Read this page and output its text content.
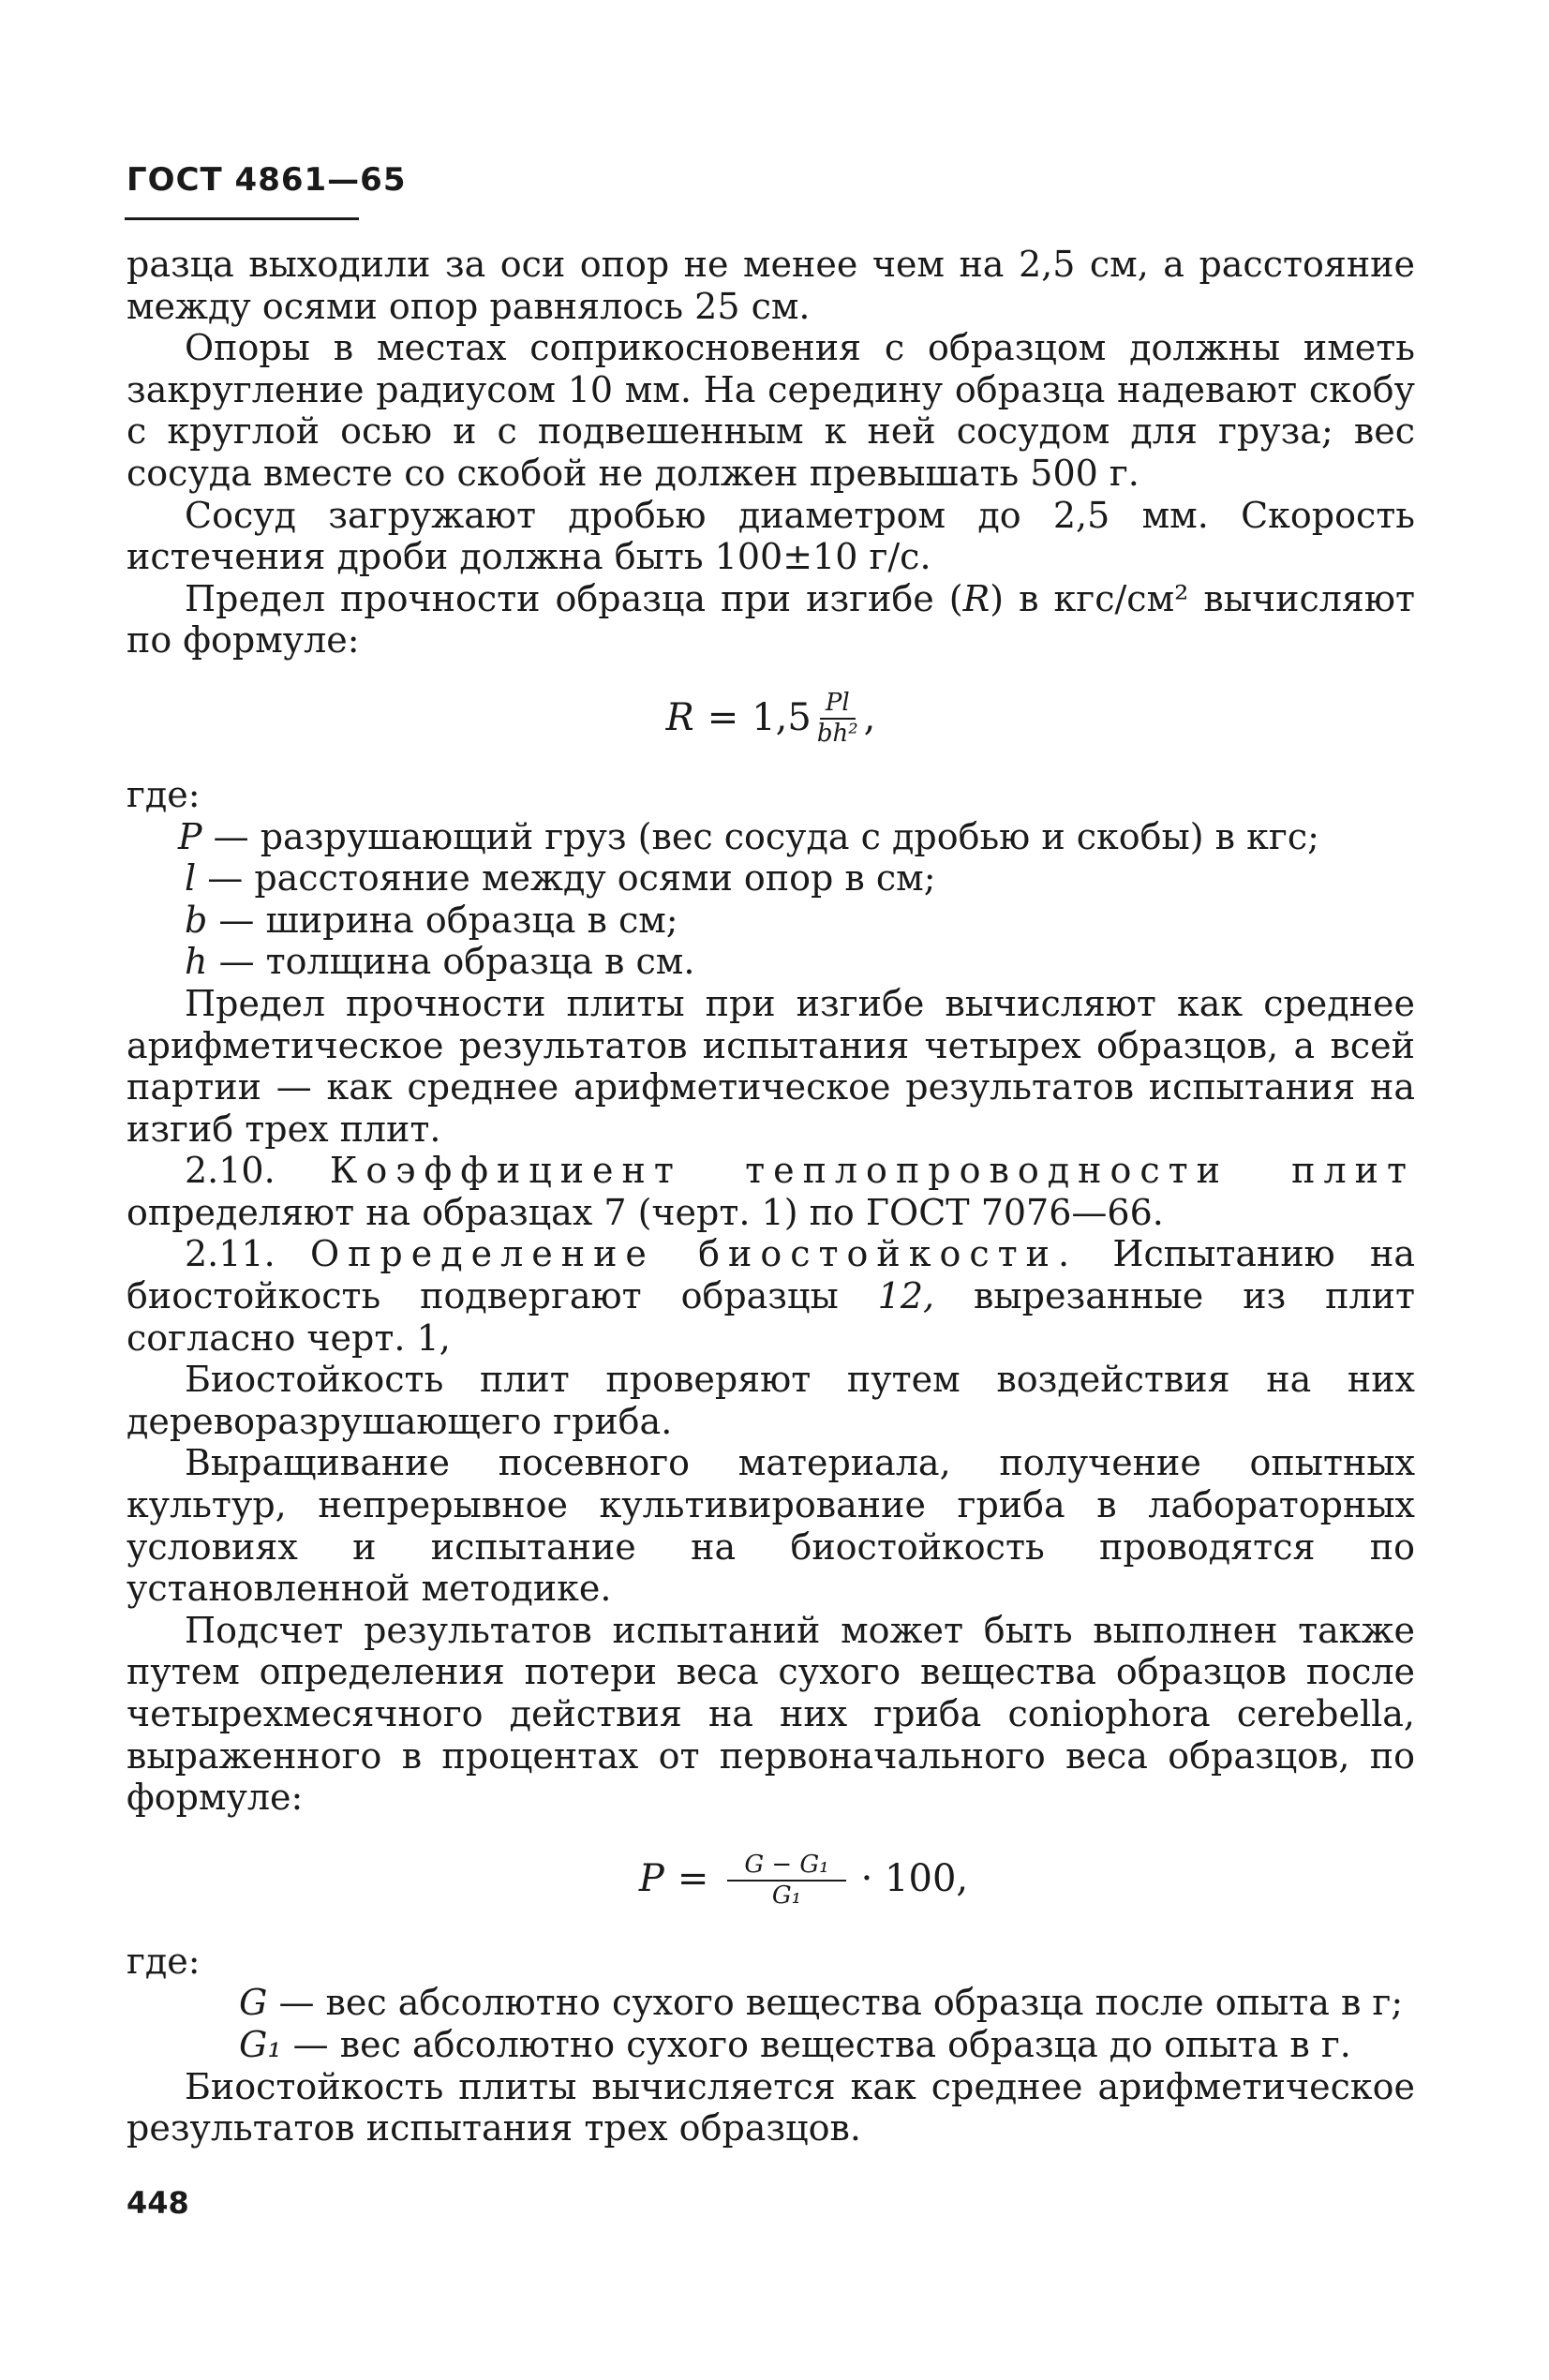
ГОСТ 4861—65

разца выходили за оси опор не менее чем на 2,5 см, а расстояние между осями опор равнялось 25 см.

Опоры в местах соприкосновения с образцом должны иметь закругление радиусом 10 мм. На середину образца надевают скобу с круглой осью и с подвешенным к ней сосудом для груза; вес сосуда вместе со скобой не должен превышать 500 г.

Сосуд загружают дробью диаметром до 2,5 мм. Скорость истечения дроби должна быть 100±10 г/с.

Предел прочности образца при изгибе (R) в кгс/см² вычисляют по формуле:

$R = 1,5 \frac{Pl}{\text{bh²}}$ ,

где:

P — разрушающий груз (вес сосуда с дробью и скобы) в кгс;

l — расстояние между осями опор в см;

b — ширина образца в см;

h — толщина образца в см.

Предел прочности плиты при изгибе вычисляют как среднее арифметическое результатов испытания четырех образцов, а всей партии — как среднее арифметическое результатов испытания на изгиб трех плит.

2.10. Коэффициент теплопроводности плит определяют на образцах 7 (черт. 1) по ГОСТ 7076—66.

2.11. Определение биостойкости. Испытанию на биостойкость подвергают образцы 12, вырезанные из плит согласно черт. 1,

Биостойкость плит проверяют путем воздействия на них дереворазрушающего гриба.

Выращивание посевного материала, получение опытных культур, непрерывное культивирование гриба в лабораторных условиях и испытание на биостойкость проводятся по установленной методике.

Подсчет результатов испытаний может быть выполнен также путем определения потери веса сухого вещества образцов после четырехмесячного действия на них гриба coniophora cerebella, выраженного в процентах от первоначального веса образцов, по формуле:

$P = \frac{\text{G − G₁}}{\text{G₁}} \cdot 100$,

где:

G — вес абсолютно сухого вещества образца после опыта в г;

G₁ — вес абсолютно сухого вещества образца до опыта в г.

Биостойкость плиты вычисляется как среднее арифметическое результатов испытания трех образцов.

448
